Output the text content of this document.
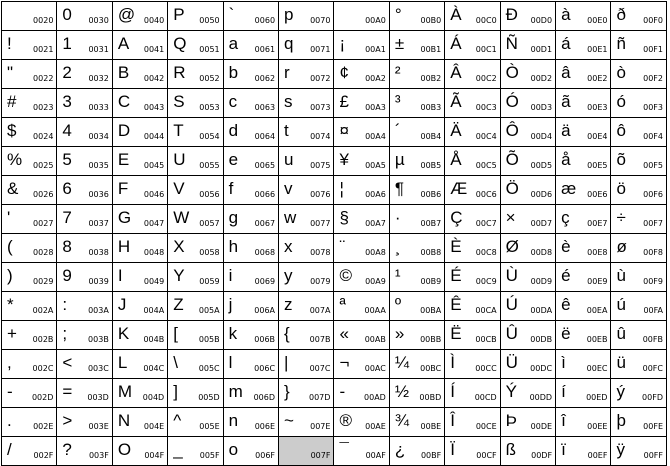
0020	0 0030	@ 0040	P 0050	` 0060	p 0070	00A0	° 00B0	À 00C0	Ð 00D0	à 00E0	ð 00F0

! 0021	1 0031	A 0041	Q 0051	a 0061	q 0071	¡ 00A1	± 00B1	Á 00C1	Ñ 00D1	á 00E1	ñ 00F1

" 0022	2 0032	B 0042	R 0052	b 0062	r 0072	¢ 00A2	² 00B2	Â 00C2	Ò 00D2	â 00E2	ò 00F2

# 0023	3 0033	C 0043	S 0053	c 0063	s 0073	£ 00A3	³ 00B3	Ã 00C3	Ó 00D3	ã 00E3	ó 00F3

$ 0024	4 0034	D 0044	T 0054	d 0064	t 0074	¤ 00A4	´ 00B4	Ä 00C4	Ô 00D4	ä 00E4	ô 00F4

% 0025	5 0035	E 0045	U 0055	e 0065	u 0075	¥ 00A5	µ 00B5	Å 00C5	Õ 00D5	å 00E5	õ 00F5

& 0026	6 0036	F 0046	V 0056	f 0066	v 0076	¦ 00A6	¶ 00B6	Æ 00C6	Ö 00D6	æ 00E6	ö 00F6

' 0027	7 0037	G 0047	W 0057	g 0067	w 0077	§ 00A7	· 00B7	Ç 00C7	× 00D7	ç 00E7	÷ 00F7

( 0028	8 0038	H 0048	X 0058	h 0068	x 0078	¨ 00A8	¸ 00B8	È 00C8	Ø 00D8	è 00E8	ø 00F8

) 0029	9 0039	I 0049	Y 0059	i 0069	y 0079	© 00A9	¹ 00B9	É 00C9	Ù 00D9	é 00E9	ù 00F9

* 002A	: 003A	J 004A	Z 005A	j 006A	z 007A	ª 00AA	º 00BA	Ê 00CA	Ú 00DA	ê 00EA	ú 00FA

+ 002B	; 003B	K 004B	[ 005B	k 006B	{ 007B	« 00AB	» 00BB	Ë 00CB	Û 00DB	ë 00EB	û 00FB

, 002C	< 003C	L 004C	\ 005C	l 006C	| 007C	¬ 00AC	¼ 00BC	Ì 00CC	Ü 00DC	ì 00EC	ü 00FC

- 002D	= 003D	M 004D	] 005D	m 006D	} 007D	- 00AD	½ 00BD	Í 00CD	Ý 00DD	í 00ED	ý 00FD

. 002E	> 003E	N 004E	^ 005E	n 006E	~ 007E	® 00AE	¾ 00BE	Î 00CE	Þ 00DE	î 00EE	þ 00FE

/ 002F	? 003F	O 004F	_ 005F	o 006F	007F	¯ 00AF	¿ 00BF	Ï 00CF	ß 00DF	ï 00EF	ÿ 00FF
